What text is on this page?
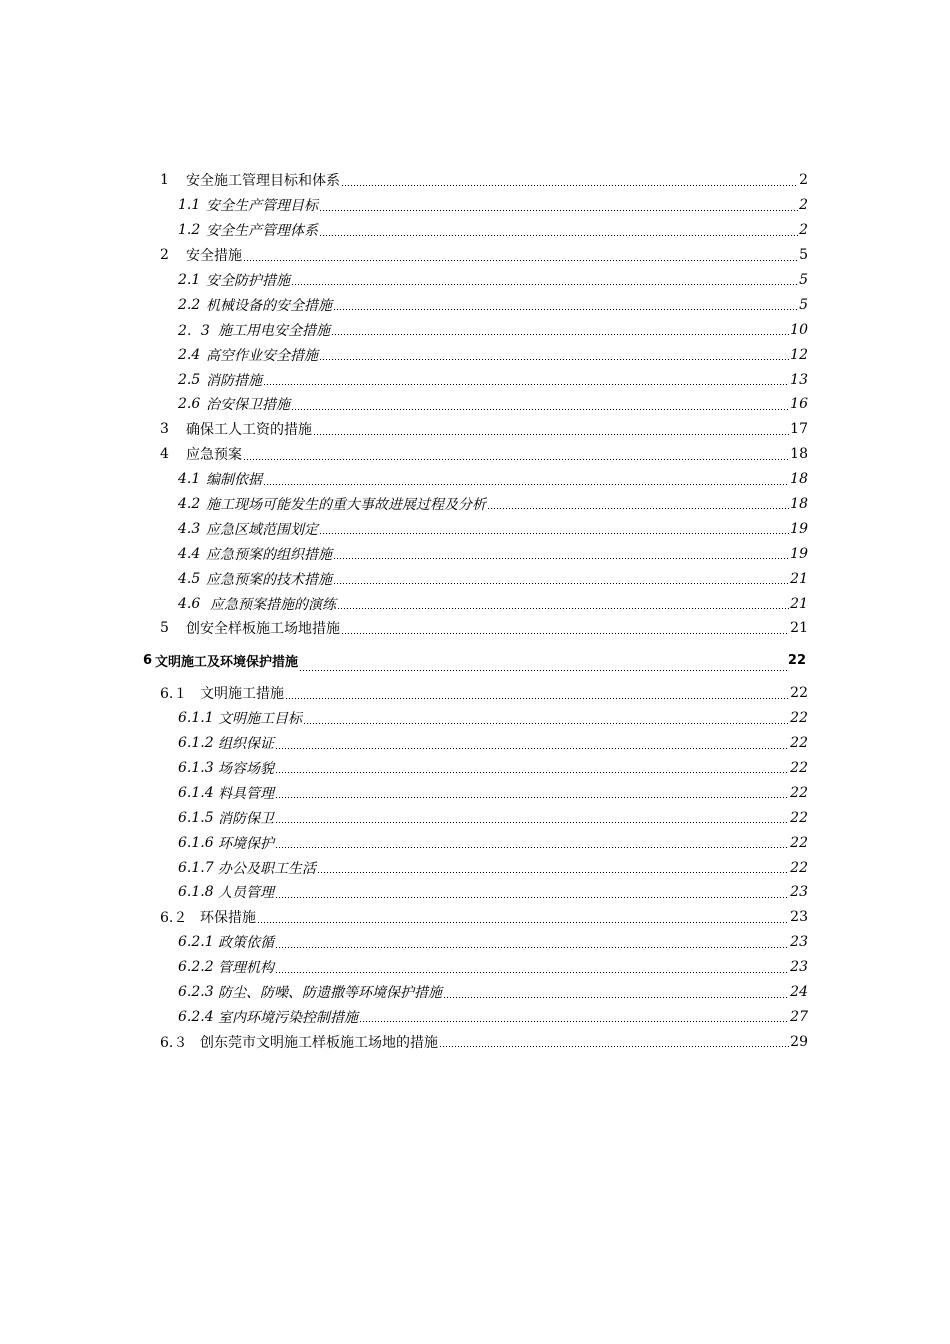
1	安全施工管理目标和体系	2
1.1 安全生产管理目标	2
1.2 安全生产管理体系	2
2	安全措施	5
2.1 安全防护措施	5
2.2 机械设备的安全措施	5
2．3 施工用电安全措施	10
2.4 高空作业安全措施	12
2.5 消防措施	13
2.6 治安保卫措施	16
3	确保工人工资的措施	17
4	应急预案	18
4.1 编制依据	18
4.2 施工现场可能发生的重大事故进展过程及分析	18
4.3 应急区域范围划定	19
4.4 应急预案的组织措施	19
4.5 应急预案的技术措施	21
4.6 应急预案措施的演练	21
5	创安全样板施工场地措施	21
6 文明施工及环境保护措施	22
6.１ 文明施工措施	22
6.1.1 文明施工目标	22
6.1.2 组织保证	22
6.1.3 场容场貌	22
6.1.4 料具管理	22
6.1.5 消防保卫	22
6.1.6 环境保护	22
6.1.7 办公及职工生活	22
6.1.8 人员管理	23
6.２ 环保措施	23
6.2.1 政策依循	23
6.2.2 管理机构	23
6.2.3 防尘、防噪、防遗撒等环境保护措施	24
6.2.4 室内环境污染控制措施	27
6.３ 创东莞市文明施工样板施工场地的措施	29
